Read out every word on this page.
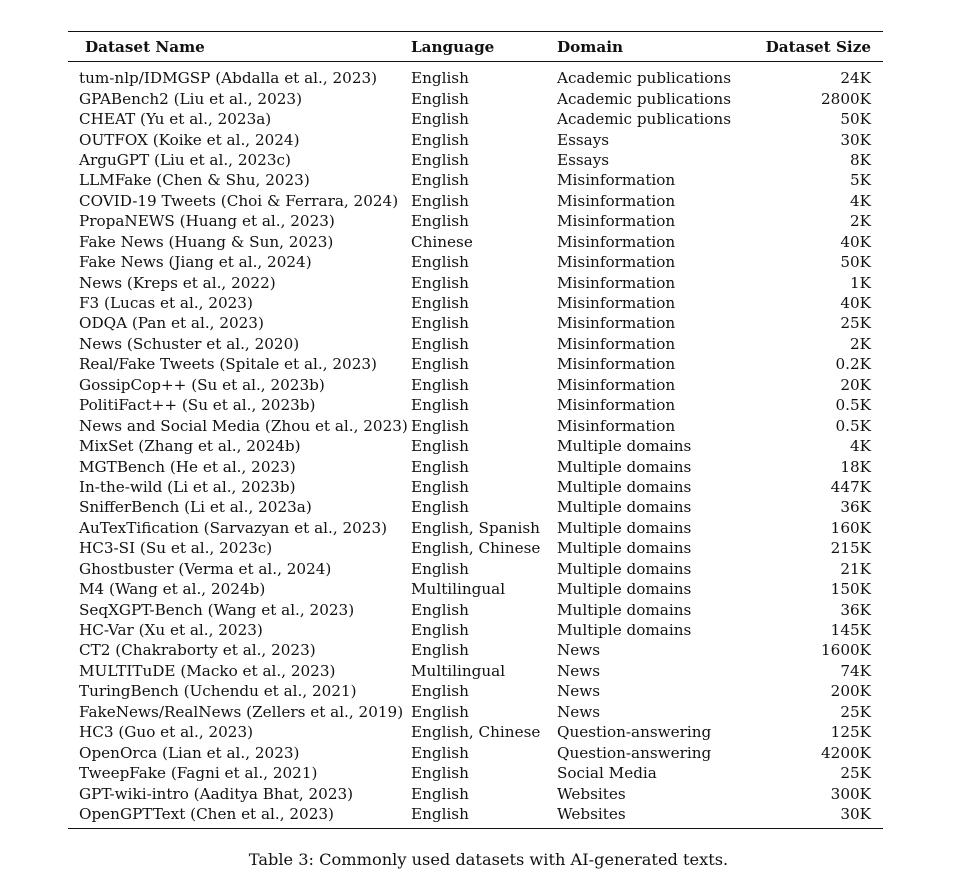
Dataset Name	Language	Domain	Dataset Size
tum-nlp/IDMGSP (Abdalla et al., 2023)	English	Academic publications	24K
GPABench2 (Liu et al., 2023)	English	Academic publications	2800K
CHEAT (Yu et al., 2023a)	English	Academic publications	50K
OUTFOX (Koike et al., 2024)	English	Essays	30K
ArguGPT (Liu et al., 2023c)	English	Essays	8K
LLMFake (Chen & Shu, 2023)	English	Misinformation	5K
COVID-19 Tweets (Choi & Ferrara, 2024)	English	Misinformation	4K
PropaNEWS (Huang et al., 2023)	English	Misinformation	2K
Fake News (Huang & Sun, 2023)	Chinese	Misinformation	40K
Fake News (Jiang et al., 2024)	English	Misinformation	50K
News (Kreps et al., 2022)	English	Misinformation	1K
F3 (Lucas et al., 2023)	English	Misinformation	40K
ODQA (Pan et al., 2023)	English	Misinformation	25K
News (Schuster et al., 2020)	English	Misinformation	2K
Real/Fake Tweets (Spitale et al., 2023)	English	Misinformation	0.2K
GossipCop++ (Su et al., 2023b)	English	Misinformation	20K
PolitiFact++ (Su et al., 2023b)	English	Misinformation	0.5K
News and Social Media (Zhou et al., 2023)	English	Misinformation	0.5K
MixSet (Zhang et al., 2024b)	English	Multiple domains	4K
MGTBench (He et al., 2023)	English	Multiple domains	18K
In-the-wild (Li et al., 2023b)	English	Multiple domains	447K
SnifferBench (Li et al., 2023a)	English	Multiple domains	36K
AuTexTification (Sarvazyan et al., 2023)	English, Spanish	Multiple domains	160K
HC3-SI (Su et al., 2023c)	English, Chinese	Multiple domains	215K
Ghostbuster (Verma et al., 2024)	English	Multiple domains	21K
M4 (Wang et al., 2024b)	Multilingual	Multiple domains	150K
SeqXGPT-Bench (Wang et al., 2023)	English	Multiple domains	36K
HC-Var (Xu et al., 2023)	English	Multiple domains	145K
CT2 (Chakraborty et al., 2023)	English	News	1600K
MULTITuDE (Macko et al., 2023)	Multilingual	News	74K
TuringBench (Uchendu et al., 2021)	English	News	200K
FakeNews/RealNews (Zellers et al., 2019)	English	News	25K
HC3 (Guo et al., 2023)	English, Chinese	Question-answering	125K
OpenOrca (Lian et al., 2023)	English	Question-answering	4200K
TweepFake (Fagni et al., 2021)	English	Social Media	25K
GPT-wiki-intro (Aaditya Bhat, 2023)	English	Websites	300K
OpenGPTText (Chen et al., 2023)	English	Websites	30K
Table 3: Commonly used datasets with AI-generated texts.
